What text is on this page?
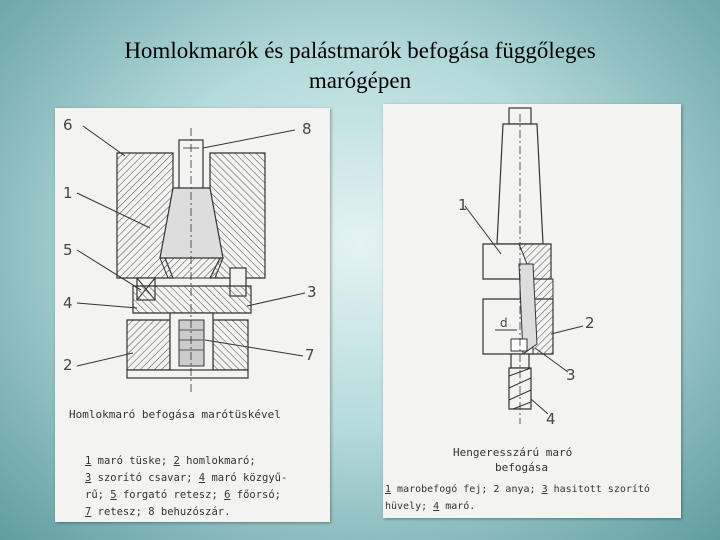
Homlokmarók és palástmarók befogása függőleges
marógépen
6	8
1
5
4
3
2
7
Homlokmaró befogása marótüskével
1 maró tüske; 2 homlokmaró;
3 szorító csavar; 4 maró közgyű-
rű; 5 forgató retesz; 6 főorsó;
7 retesz; 8 behuzószár.
1
2
3
4
d
Hengeresszárú maró
befogása
1 marobefogó fej; 2 anya; 3 hasitott szorító
hüvely; 4 maró.
